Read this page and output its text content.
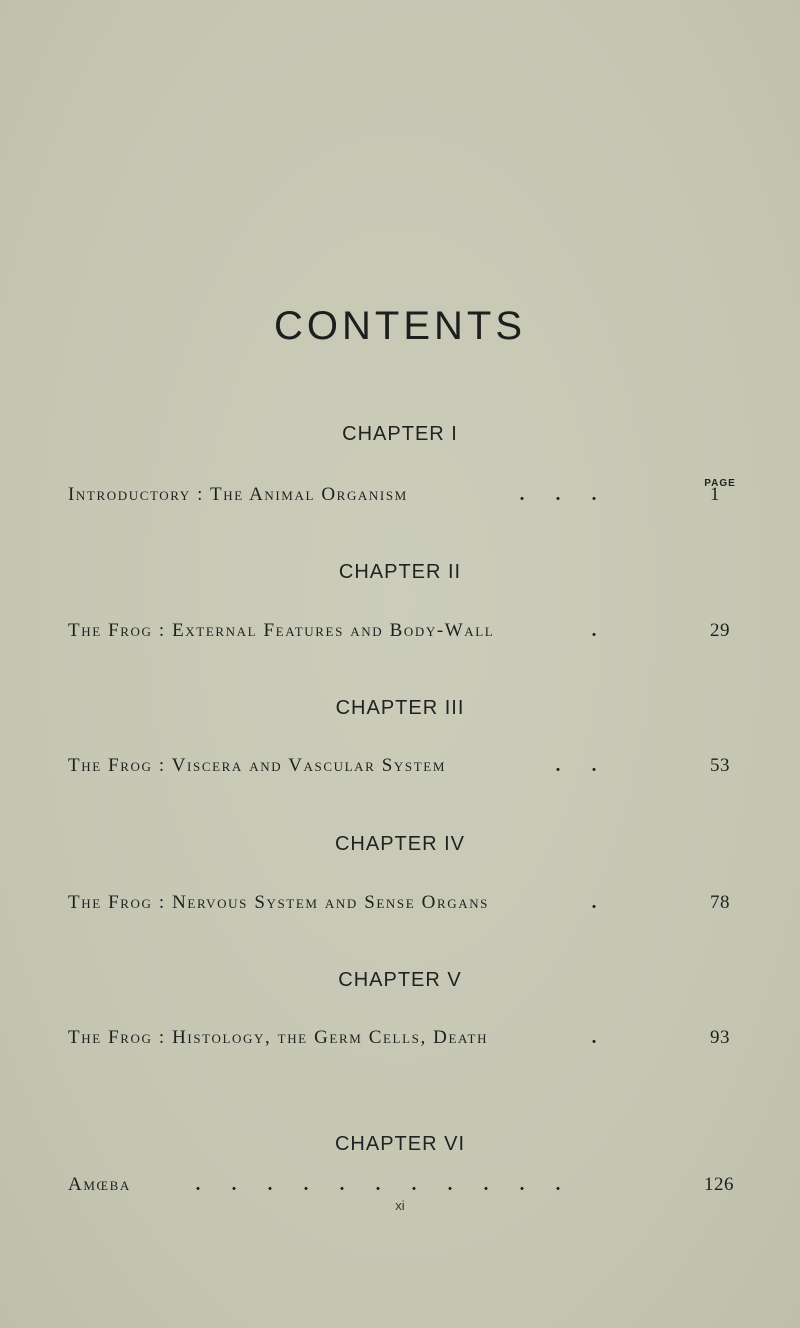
CONTENTS
CHAPTER I
PAGE
Introductory : The Animal Organism	. . .	1
CHAPTER II
The Frog : External Features and Body-Wall	.	29
CHAPTER III
The Frog : Viscera and Vascular System	. .	53
CHAPTER IV
The Frog : Nervous System and Sense Organs	.	78
CHAPTER V
The Frog : Histology, the Germ Cells, Death	.	93
CHAPTER VI
Amœba	. . . . . . . . . . .	126
xi
